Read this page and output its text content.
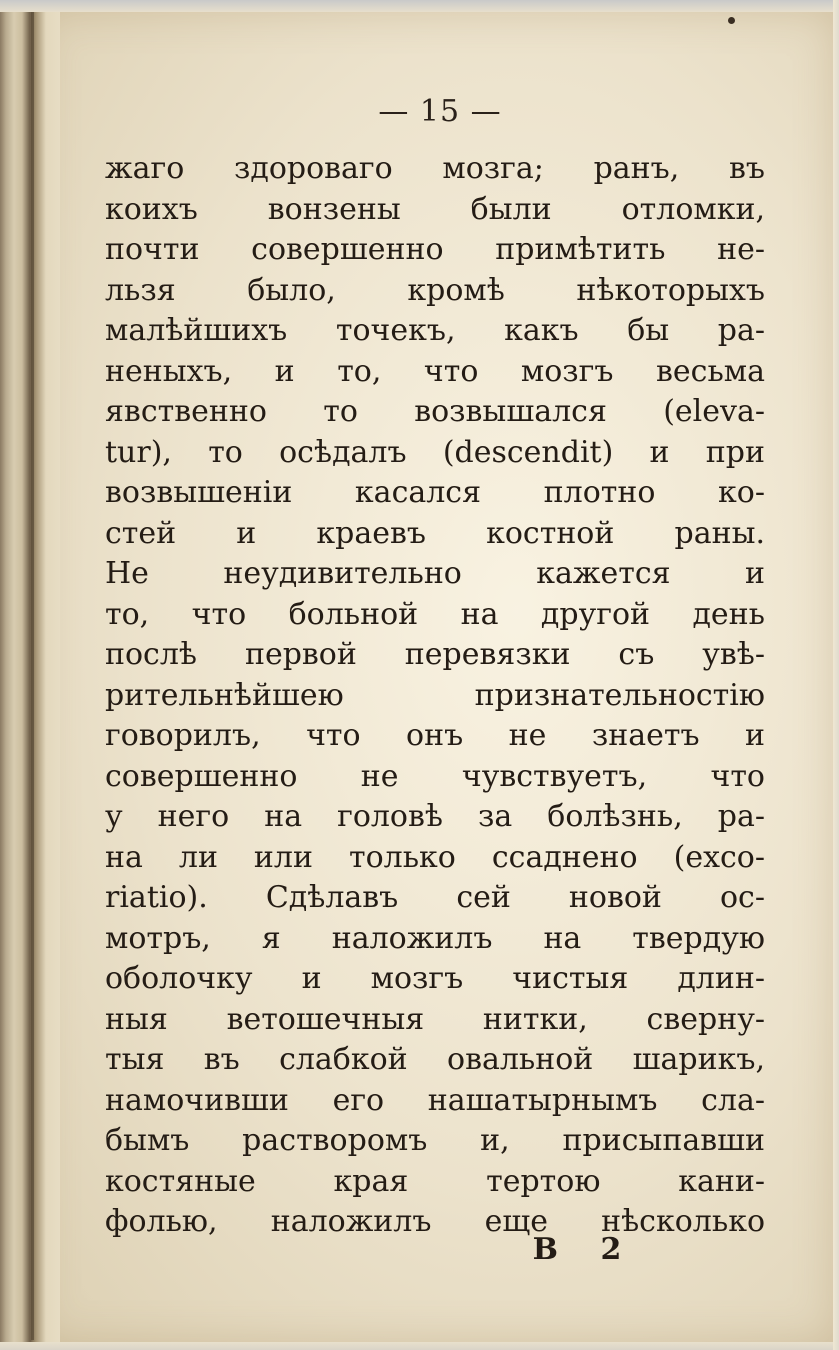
— 15 —
жаго здороваго мозга; ранъ, въ
коихъ вонзены были отломки,
почти совершенно примѣтить не-
льзя было, кромѣ нѣкоторыхъ
малѣйшихъ точекъ, какъ бы ра-
неныхъ, и то, что мозгъ весьма
явственно то возвышался (eleva-
tur), то осѣдалъ (descendit) и при
возвышеніи касался плотно ко-
стей и краевъ костной раны.
Не неудивительно кажется и
то, что больной на другой день
послѣ первой перевязки съ увѣ-
рительнѣйшею признательностію
говорилъ, что онъ не знаетъ и
совершенно не чувствуетъ, что
у него на головѣ за болѣзнь, ра-
на ли или только ссаднено (exco-
riatio). Сдѣлавъ сей новой ос-
мотръ, я наложилъ на твердую
оболочку и мозгъ чистыя длин-
ныя ветошечныя нитки, сверну-
тыя въ слабкой овальной шарикъ,
намочивши его нашатырнымъ сла-
бымъ растворомъ и, присыпавши
костяные края тертою кани-
фолью, наложилъ еще нѣсколько
В 2
